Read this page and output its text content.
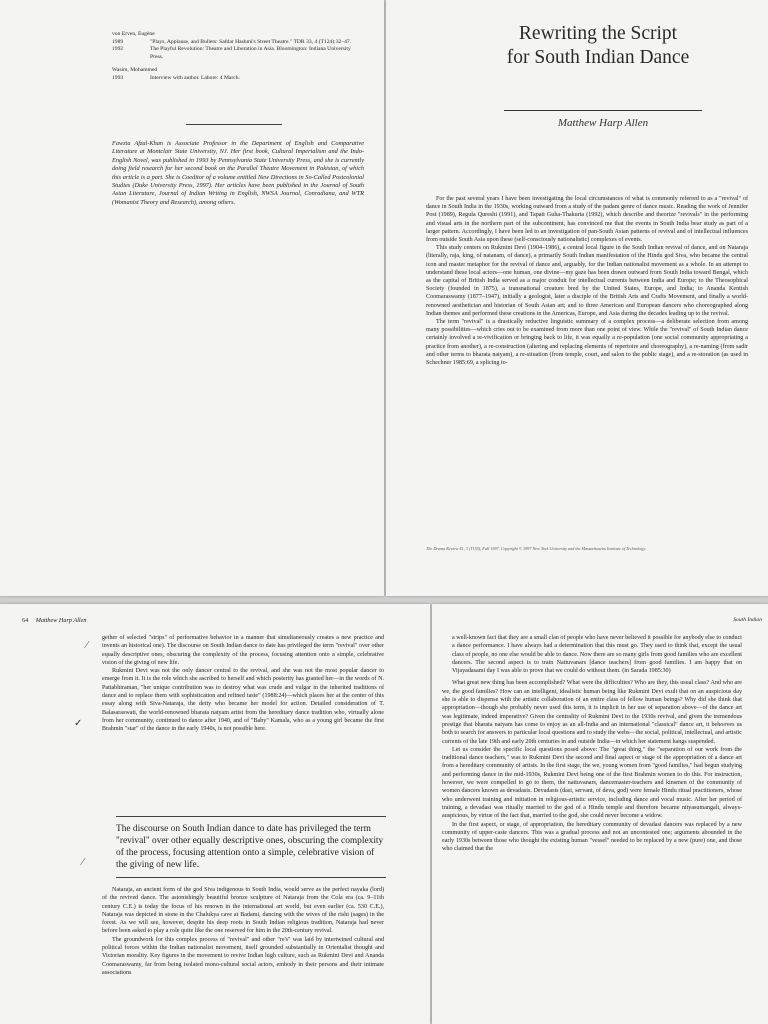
von Erven, Eugène
1989	"Plays, Applause, and Bullets: Safdar Hashmi's Street Theatre." TDR 33, 4 (T124):32–47.
1992	The Playful Revolution: Theatre and Liberation in Asia. Bloomington: Indiana University Press.
Wasim, Mohammed
1993	Interview with author. Lahore: 4 March.
Fawzia Afzal-Khan is Associate Professor in the Department of English and Comparative Literature at Montclair State University, NJ. Her first book, Cultural Imperialism and the Indo-English Novel, was published in 1993 by Pennsylvania State University Press, and she is currently doing field research for her second book on the Parallel Theatre Movement in Pakistan, of which this article is a part. She is Coeditor of a volume entitled New Directions in So-Called Postcolonial Studies (Duke University Press, 1997). Her articles have been published in the Journal of South Asian Literature, Journal of Indian Writing in English, NWSA Journal, Conradiana, and WTR (Womanist Theory and Research), among others.
Rewriting the Script
for South Indian Dance
Matthew Harp Allen

For the past several years I have been investigating the local circumstances of what is commonly referred to as a "revival" of dance in South India in the 1930s, working outward from a study of the padam genre of dance music. Reading the work of Jennifer Post (1989), Regula Qureshi (1991), and Tapati Guha-Thakurta (1992), which describe and theorize "revivals" in the performing and visual arts in the northern part of the subcontinent, has convinced me that the events in South India bear study as part of a larger pattern. Accordingly, I have been led to an investigation of pan-South Asian patterns of revival and of intellectual influences from outside South Asia upon these (self-consciously nationalistic) complexes of events.

This study centers on Rukmini Devi (1904–1986), a central local figure in the South Indian revival of dance, and on Nataraja (literally, raja, king, of natanam, of dance), a primarily South Indian manifestation of the Hindu god Siva, who became the central icon and master metaphor for the revival of dance and, arguably, for the Indian nationalist movement as a whole. In an attempt to understand these local actors—one human, one divine—my gaze has been drawn outward from South India toward Bengal, which as the capital of British India served as a major conduit for intellectual currents between India and Europe; to the Theosophical Society (founded in 1875), a transnational creature bred by the United States, Europe, and India; to Ananda Kentish Coomaraswamy (1877–1947), initially a geologist, later a disciple of the British Arts and Crafts Movement, and finally a world-renowned aesthetician and historian of South Asian art; and to three American and European dancers who choreographed along Indian themes and performed these creations in the Americas, Europe, and Asia during the decades leading up to the revival.

The term "revival" is a drastically reductive linguistic summary of a complex process—a deliberate selection from among many possibilities—which cries out to be examined from more than one point of view. While the "revival" of South Indian dance certainly involved a re-vivification or bringing back to life, it was equally a re-population (one social community appropriating a practice from another), a re-construction (altering and replacing elements of repertoire and choreography), a re-naming (from sadir and other terms to bharata natyam), a re-situation (from temple, court, and salon to the public stage), and a re-storation (as used in Schechner 1985:69, a splicing to-

The Drama Review 41, 3 (T155), Fall 1997. Copyright © 1997 New York University and the Massachusetts Institute of Technology.
64 Matthew Harp Allen

gether of selected "strips" of performative behavior in a manner that simultaneously creates a new practice and invents an historical one). The discourse on South Indian dance to date has privileged the term "revival" over other equally descriptive ones, obscuring the complexity of the process, focusing attention onto a simple, celebrative vision of the giving of new life.

Rukmini Devi was not the only dancer central to the revival, and she was not the most popular dancer to emerge from it. It is the role which she ascribed to herself and which posterity has granted her—in the words of N. Pattabhiraman, "her unique contribution was to destroy what was crude and vulgar in the inherited traditions of dance and to replace them with sophistication and refined taste" (1988:24)—which places her at the center of this essay along with Siva-Nataraja, the deity who became her model for action. Detailed consideration of T. Balasaraswati, the world-renowned bharata natyam artist from the hereditary dance tradition who, virtually alone from her community, continued to dance after 1940, and of "Baby" Kamala, who as a young girl became the first Brahmin "star" of the dance in the early 1940s, is not possible here.

The discourse on South Indian dance to date has privileged the term "revival" over other equally descriptive ones, obscuring the complexity of the process, focusing attention onto a simple, celebrative vision of the giving of new life.

Nataraja, an ancient form of the god Siva indigenous to South India, would serve as the perfect nayaka (lord) of the revived dance. The astonishingly beautiful bronze sculpture of Nataraja from the Cola era (ca. 9–11th century C.E.) is today the focus of his renown in the international art world, but even earlier (ca. 530 C.E.), Nataraja was depicted in stone in the Chalukya cave at Badami, dancing with the wives of the rishi (sages) in the forest. As we will see, however, despite his deep roots in South Indian religious tradition, Nataraja had never before been asked to play a role quite like the one reserved for him in the 20th-century revival.

The groundwork for this complex process of "revival" and other "re's" was laid by intertwined cultural and political forces within the Indian nationalist movement, itself grounded substantially in Orientalist thought and Victorian morality. Key figures in the movement to revive Indian high culture, such as Rukmini Devi and Ananda Coomaraswamy, far from being isolated mono-cultural social actors, embody in their persons and their intimate associations

⁄
✓
⁄
South Indian
a well-known fact that they are a small clan of people who have never believed it possible for anybody else to conduct a dance performance. I have always had a determination that this must go. They used to think that, except the usual class of people, no one else would be able to dance. Now there are so many girls from good families who are excellent dancers. The second aspect is to train Nattuvanars [dance teachers] from good families. I am happy that on Vijayadasami day I was able to prove that we could do without them. (in Sarada 1985:30)

What great new thing has been accomplished? What were the difficulties? Who are they, this usual class? And who are we, the good families? How can an intelligent, idealistic human being like Rukmini Devi exult that on an auspicious day she is able to dispense with the artistic collaboration of an entire class of fellow human beings? Why did she think that appropriation—though she probably never used this term, it is implicit in her use of separation above—of the dance art was legitimate, indeed imperative? Given the centrality of Rukmini Devi to the 1930s revival, and given the tremendous prestige that bharata natyam has come to enjoy as an all-India and an international "classical" dance art, it behooves us both to search for answers to particular local questions and to study the webs—the social, political, intellectual, and artistic currents of the late 19th and early 20th centuries in and outside India—in which her statement hangs suspended.

Let us consider the specific local questions posed above: The "great thing," the "separation of our work from the traditional dance teachers," was to Rukmini Devi the second and final aspect or stage of the appropriation of a dance art from a hereditary community of artists. In the first stage, the we, young women from "good families," had begun studying and performing dance in the mid-1930s, Rukmini Devi being one of the first Brahmin women to do this. For instruction, however, we were compelled to go to them, the nattuvanars, dancemaster-teachers and kinsmen of the community of women dancers known as devadasis. Devadasis (dasi, servant, of deva, god) were female Hindu ritual practitioners, whose who underwent training and initiation in religious-artistic service, including dance and vocal music. After her period of training, a devadasi was ritually married to the god of a Hindu temple and therefore became nityasumangali, always-auspicious, by virtue of the fact that, married to the god, she could never become a widow.

In the first aspect, or stage, of appropriation, the hereditary community of devadasi dancers was replaced by a new community of upper-caste dancers. This was a gradual process and not an uncontested one; arguments abounded in the early 1930s between those who thought the existing human "vessel" needed to be replaced by a new (pure) one, and those who claimed that the
